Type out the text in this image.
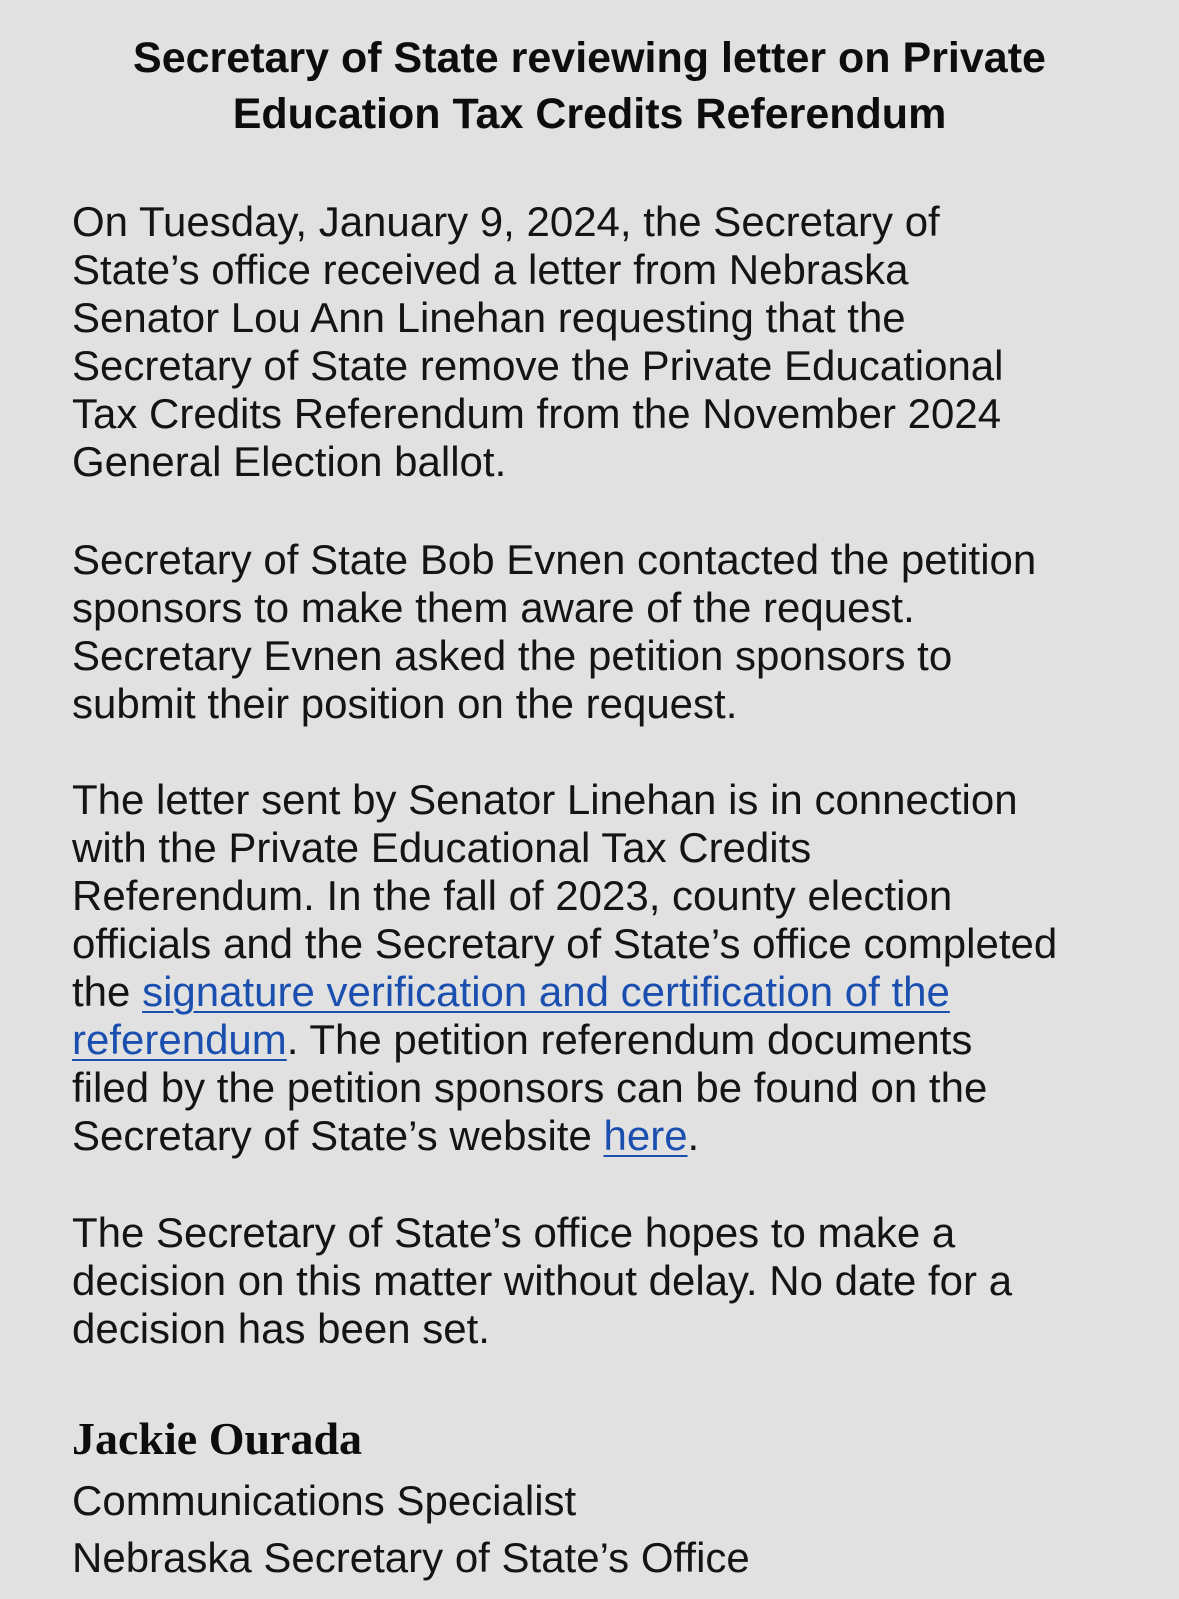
Secretary of State reviewing letter on Private
Education Tax Credits Referendum

On Tuesday, January 9, 2024, the Secretary of
State’s office received a letter from Nebraska
Senator Lou Ann Linehan requesting that the
Secretary of State remove the Private Educational
Tax Credits Referendum from the November 2024
General Election ballot.

Secretary of State Bob Evnen contacted the petition
sponsors to make them aware of the request.
Secretary Evnen asked the petition sponsors to
submit their position on the request.

The letter sent by Senator Linehan is in connection
with the Private Educational Tax Credits
Referendum. In the fall of 2023, county election
officials and the Secretary of State’s office completed
the signature verification and certification of the
referendum. The petition referendum documents
filed by the petition sponsors can be found on the
Secretary of State’s website here.

The Secretary of State’s office hopes to make a
decision on this matter without delay. No date for a
decision has been set.

Jackie Ourada
Communications Specialist
Nebraska Secretary of State’s Office
